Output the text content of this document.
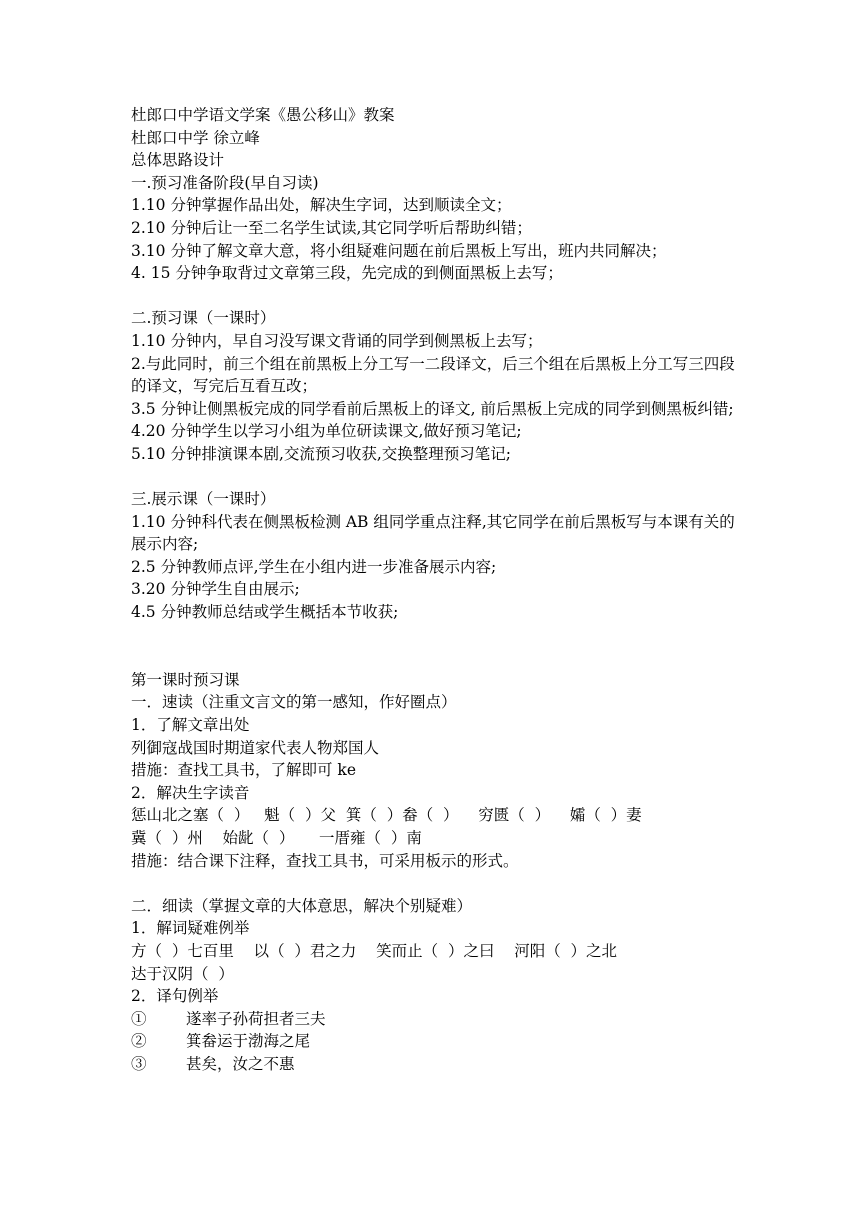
杜郎口中学语文学案《愚公移山》教案
杜郎口中学 徐立峰
总体思路设计
一.预习准备阶段(早自习读)
1.10 分钟掌握作品出处，解决生字词，达到顺读全文；
2.10 分钟后让一至二名学生试读,其它同学听后帮助纠错；
3.10 分钟了解文章大意，将小组疑难问题在前后黑板上写出，班内共同解决；
4. 15 分钟争取背过文章第三段，先完成的到侧面黑板上去写；
二.预习课（一课时）
1.10 分钟内，早自习没写课文背诵的同学到侧黑板上去写；
2.与此同时，前三个组在前黑板上分工写一二段译文，后三个组在后黑板上分工写三四段的译文，写完后互看互改；
3.5 分钟让侧黑板完成的同学看前后黑板上的译文, 前后黑板上完成的同学到侧黑板纠错;
4.20 分钟学生以学习小组为单位研读课文,做好预习笔记;
5.10 分钟排演课本剧,交流预习收获,交换整理预习笔记;
三.展示课（一课时）
1.10 分钟科代表在侧黑板检测 AB 组同学重点注释,其它同学在前后黑板写与本课有关的展示内容;
2.5 分钟教师点评,学生在小组内进一步准备展示内容;
3.20 分钟学生自由展示;
4.5 分钟教师总结或学生概括本节收获;
第一课时预习课
一．速读（注重文言文的第一感知，作好圈点）
1．了解文章出处
列御寇战国时期道家代表人物郑国人
措施：查找工具书，了解即可 ke
2．解决生字读音
惩山北之塞（  ）   魁（  ）父  箕（  ）畚（  ）    穷匮（  ）    孀（  ）妻
冀（  ）州    始龀（  ）     一厝雍（  ）南
措施：结合课下注释，查找工具书，可采用板示的形式。
二．细读（掌握文章的大体意思，解决个别疑难）
1．解词疑难例举
方（  ）七百里    以（  ）君之力    笑而止（  ）之曰    河阳（  ）之北
达于汉阴（  ）
2．译句例举
①	遂率子孙荷担者三夫
②	箕畚运于渤海之尾
③	甚矣，汝之不惠
